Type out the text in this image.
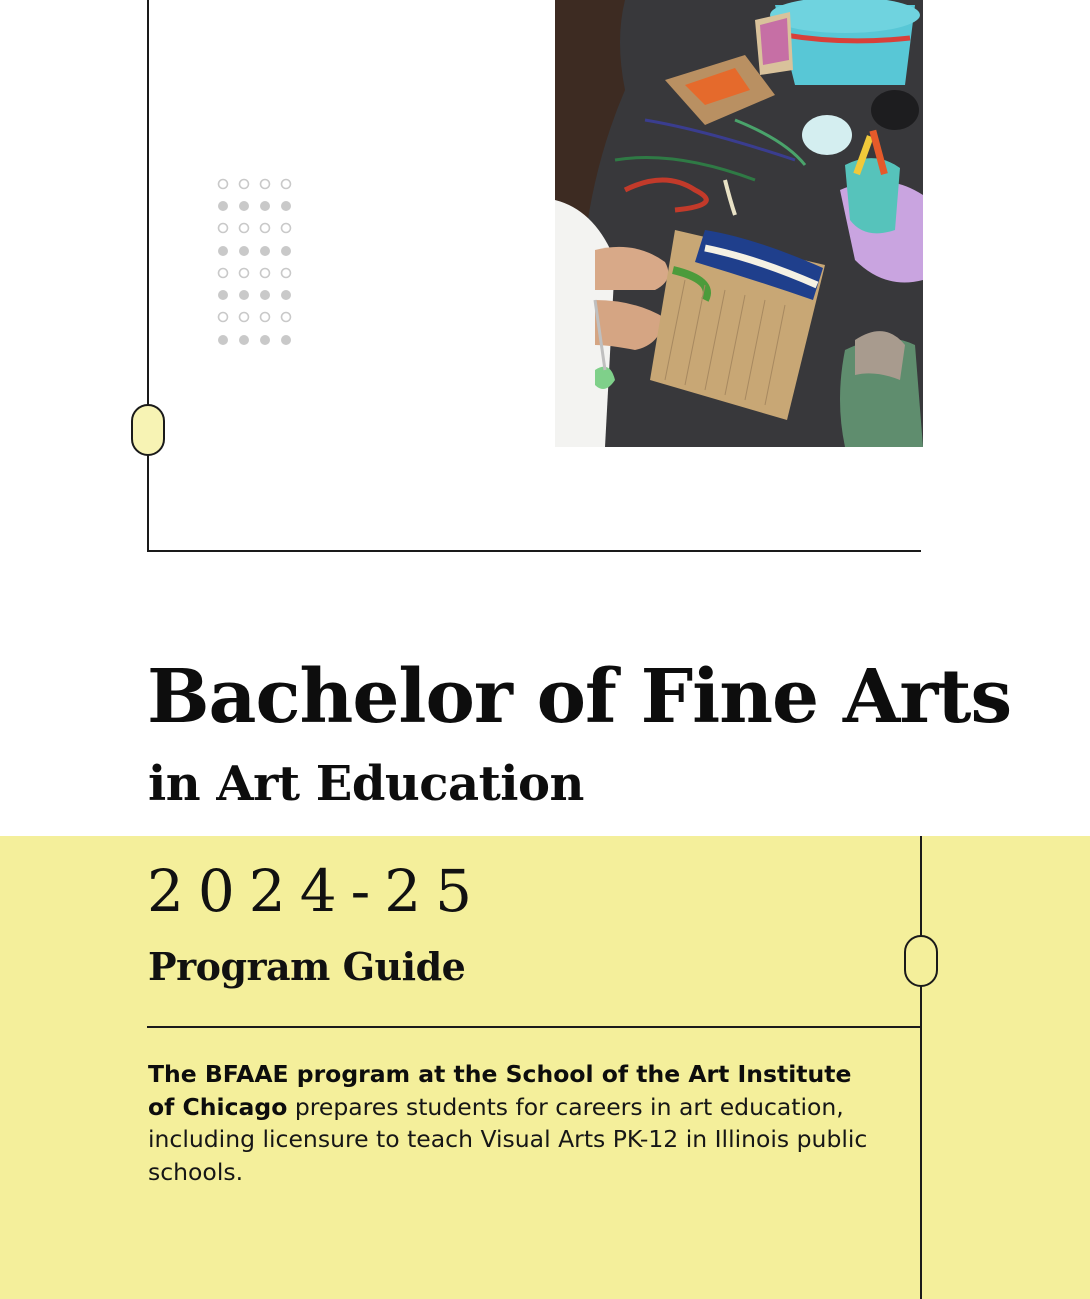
Bachelor of Fine Arts
in Art Education
2024-25
Program Guide
The BFAAE program at the School of the Art Institute of Chicago prepares students for careers in art education, including licensure to teach Visual Arts PK-12 in Illinois public schools.
